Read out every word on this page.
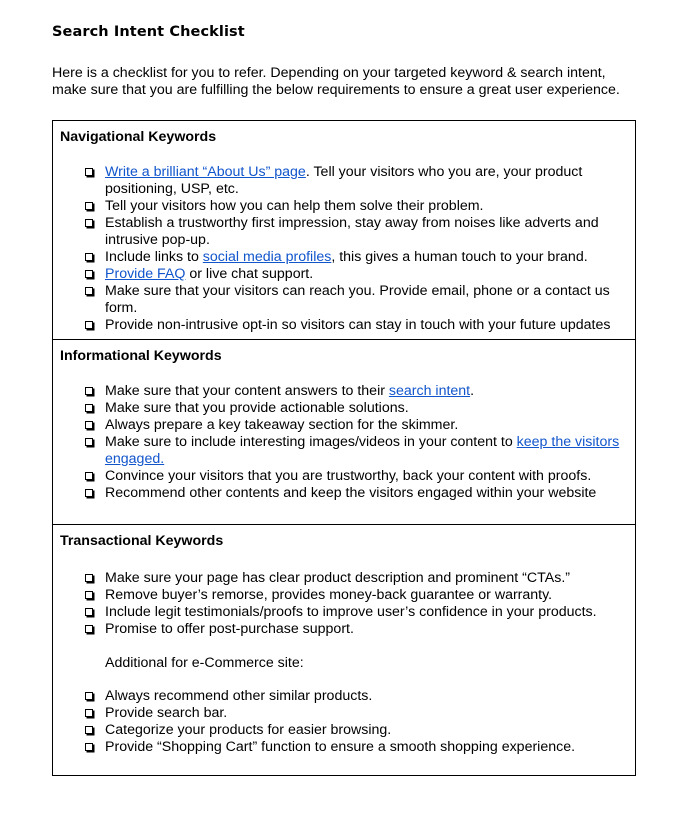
Search Intent Checklist
Here is a checklist for you to refer. Depending on your targeted keyword & search intent, make sure that you are fulfilling the below requirements to ensure a great user experience.
Navigational Keywords
Write a brilliant “About Us” page. Tell your visitors who you are, your product positioning, USP, etc.
Tell your visitors how you can help them solve their problem.
Establish a trustworthy first impression, stay away from noises like adverts and intrusive pop-up.
Include links to social media profiles, this gives a human touch to your brand.
Provide FAQ or live chat support.
Make sure that your visitors can reach you. Provide email, phone or a contact us form.
Provide non-intrusive opt-in so visitors can stay in touch with your future updates
Informational Keywords
Make sure that your content answers to their search intent.
Make sure that you provide actionable solutions.
Always prepare a key takeaway section for the skimmer.
Make sure to include interesting images/videos in your content to keep the visitors engaged.
Convince your visitors that you are trustworthy, back your content with proofs.
Recommend other contents and keep the visitors engaged within your website
Transactional Keywords
Make sure your page has clear product description and prominent “CTAs.”
Remove buyer’s remorse, provides money-back guarantee or warranty.
Include legit testimonials/proofs to improve user’s confidence in your products.
Promise to offer post-purchase support.
Additional for e-Commerce site:
Always recommend other similar products.
Provide search bar.
Categorize your products for easier browsing.
Provide “Shopping Cart” function to ensure a smooth shopping experience.
